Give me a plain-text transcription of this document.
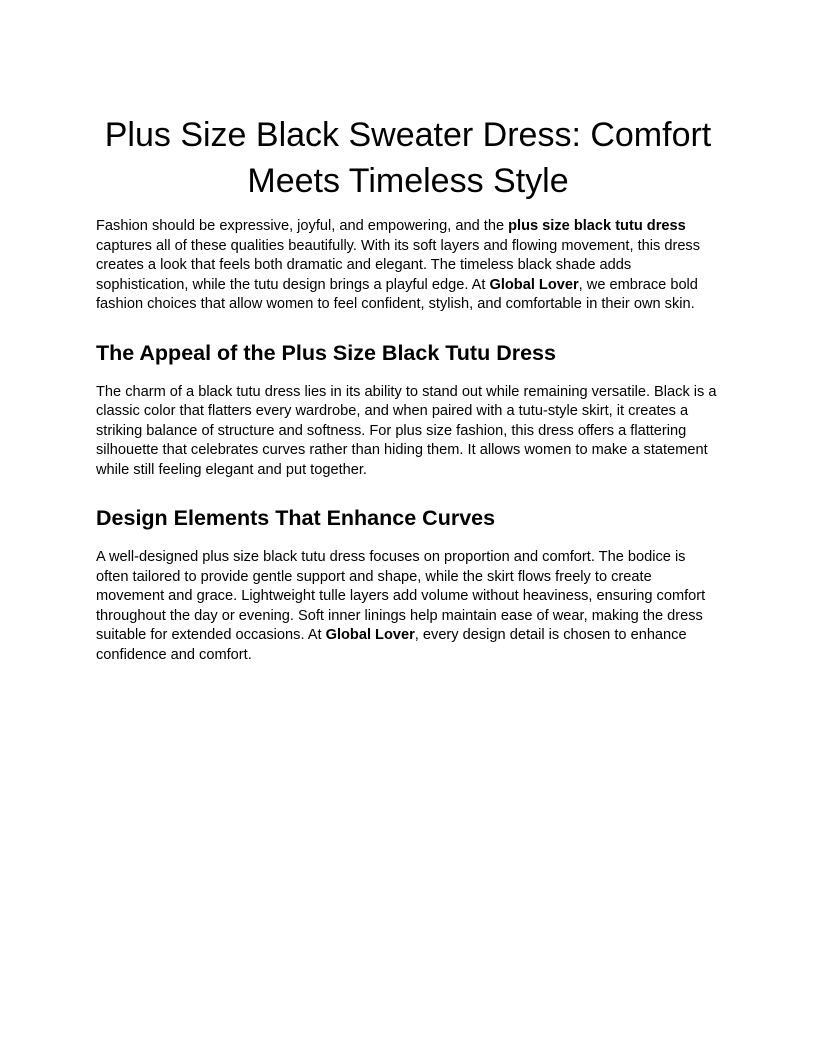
Plus Size Black Sweater Dress: Comfort
Meets Timeless Style

Fashion should be expressive, joyful, and empowering, and the plus size black tutu dress captures all of these qualities beautifully. With its soft layers and flowing movement, this dress creates a look that feels both dramatic and elegant. The timeless black shade adds sophistication, while the tutu design brings a playful edge. At Global Lover, we embrace bold fashion choices that allow women to feel confident, stylish, and comfortable in their own skin.

The Appeal of the Plus Size Black Tutu Dress

The charm of a black tutu dress lies in its ability to stand out while remaining versatile. Black is a classic color that flatters every wardrobe, and when paired with a tutu-style skirt, it creates a striking balance of structure and softness. For plus size fashion, this dress offers a flattering silhouette that celebrates curves rather than hiding them. It allows women to make a statement while still feeling elegant and put together.

Design Elements That Enhance Curves

A well-designed plus size black tutu dress focuses on proportion and comfort. The bodice is often tailored to provide gentle support and shape, while the skirt flows freely to create movement and grace. Lightweight tulle layers add volume without heaviness, ensuring comfort throughout the day or evening. Soft inner linings help maintain ease of wear, making the dress suitable for extended occasions. At Global Lover, every design detail is chosen to enhance confidence and comfort.
